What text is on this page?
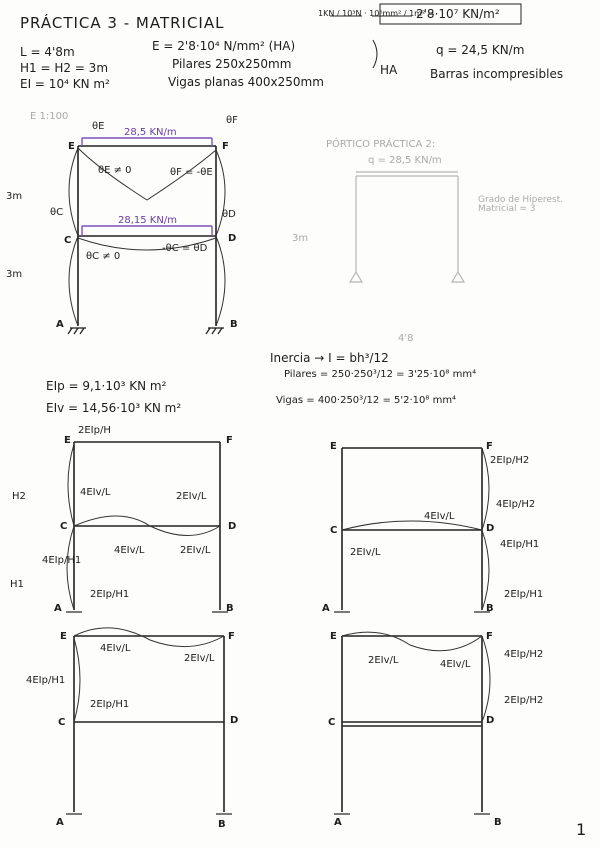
PRÁCTICA 3 - MATRICIAL
1KN / 10³N · 10⁶mm² / 1m² =
2'8·10⁷ KN/m²
L = 4'8m
H1 = H2 = 3m
EI = 10⁴ KN m²
E = 2'8·10⁴ N/mm² (HA)
Pilares 250x250mm
Vigas planas 400x250mm
HA
q = 24,5 KN/m
Barras incompresibles
E 1:100
28,5 KN/m
28,15 KN/m
θE
θF
θC	θD
θE ≠ 0	θF = -θE
θC ≠ 0
-θC = θD
3m
3m
E	F
C	D
A	B
PÓRTICO PRÁCTICA 2:
q = 28,5 KN/m
Grado de Hiperest. Matricial = 3
3m
4'8
Inercia → I = bh³/12
Pilares = 250·250³/12 = 3'25·10⁸ mm⁴
Vigas = 400·250³/12 = 5'2·10⁸ mm⁴
EIp = 9,1·10³ KN m²
EIv = 14,56·10³ KN m²
2EIp/H
4EIv/L	2EIv/L
4EIv/L	2EIv/L
4EIp/H1
2EIp/H1
H2
H1
2EIp/H2
4EIp/H2
4EIv/L
2EIv/L
4EIp/H1
2EIp/H1
4EIv/L
2EIv/L
4EIp/H1
2EIp/H1
2EIv/L	4EIv/L
4EIp/H2
2EIp/H2
E	F
C	D
A	B
E	F
C	D
A	B
E	F
C	D
A	B
E	F
C	D
A	B	1
